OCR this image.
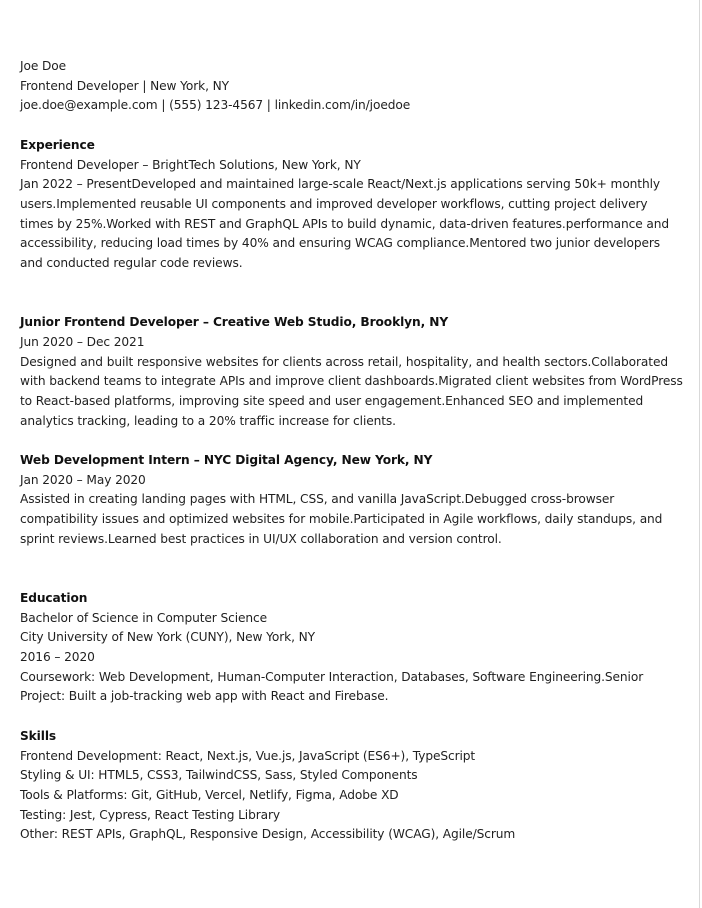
Joe Doe
Frontend Developer | New York, NY
joe.doe@example.com | (555) 123-4567 | linkedin.com/in/joedoe
Experience
Frontend Developer – BrightTech Solutions, New York, NY
Jan 2022 – PresentDeveloped and maintained large-scale React/Next.js applications serving 50k+ monthly users.Implemented reusable UI components and improved developer workflows, cutting project delivery times by 25%.Worked with REST and GraphQL APIs to build dynamic, data-driven features.performance and accessibility, reducing load times by 40% and ensuring WCAG compliance.Mentored two junior developers and conducted regular code reviews.
Junior Frontend Developer – Creative Web Studio, Brooklyn, NY
Jun 2020 – Dec 2021
Designed and built responsive websites for clients across retail, hospitality, and health sectors.Collaborated with backend teams to integrate APIs and improve client dashboards.Migrated client websites from WordPress to React-based platforms, improving site speed and user engagement.Enhanced SEO and implemented analytics tracking, leading to a 20% traffic increase for clients.
Web Development Intern – NYC Digital Agency, New York, NY
Jan 2020 – May 2020
Assisted in creating landing pages with HTML, CSS, and vanilla JavaScript.Debugged cross-browser compatibility issues and optimized websites for mobile.Participated in Agile workflows, daily standups, and sprint reviews.Learned best practices in UI/UX collaboration and version control.
Education
Bachelor of Science in Computer Science
City University of New York (CUNY), New York, NY
2016 – 2020
Coursework: Web Development, Human-Computer Interaction, Databases, Software Engineering.Senior Project: Built a job-tracking web app with React and Firebase.
Skills
Frontend Development: React, Next.js, Vue.js, JavaScript (ES6+), TypeScript
Styling & UI: HTML5, CSS3, TailwindCSS, Sass, Styled Components
Tools & Platforms: Git, GitHub, Vercel, Netlify, Figma, Adobe XD
Testing: Jest, Cypress, React Testing Library
Other: REST APIs, GraphQL, Responsive Design, Accessibility (WCAG), Agile/Scrum
